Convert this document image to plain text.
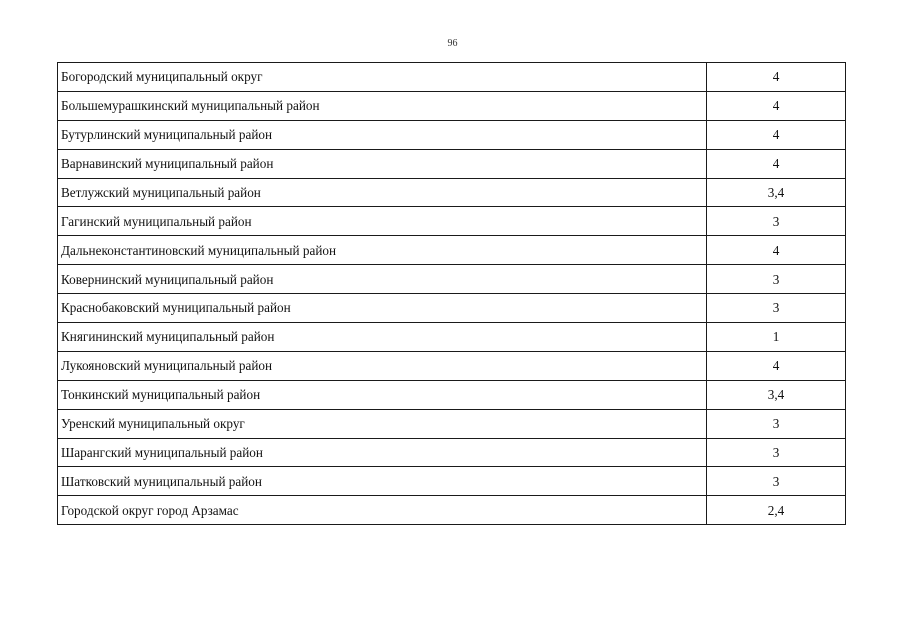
96
Богородский муниципальный округ	4
Большемурашкинский муниципальный район	4
Бутурлинский муниципальный район	4
Варнавинский муниципальный район	4
Ветлужский муниципальный район	3,4
Гагинский муниципальный район	3
Дальнеконстантиновский муниципальный район	4
Ковернинский муниципальный район	3
Краснобаковский муниципальный район	3
Княгининский муниципальный район	1
Лукояновский муниципальный район	4
Тонкинский муниципальный район	3,4
Уренский муниципальный округ	3
Шарангский муниципальный район	3
Шатковский муниципальный район	3
Городской округ город Арзамас	2,4
